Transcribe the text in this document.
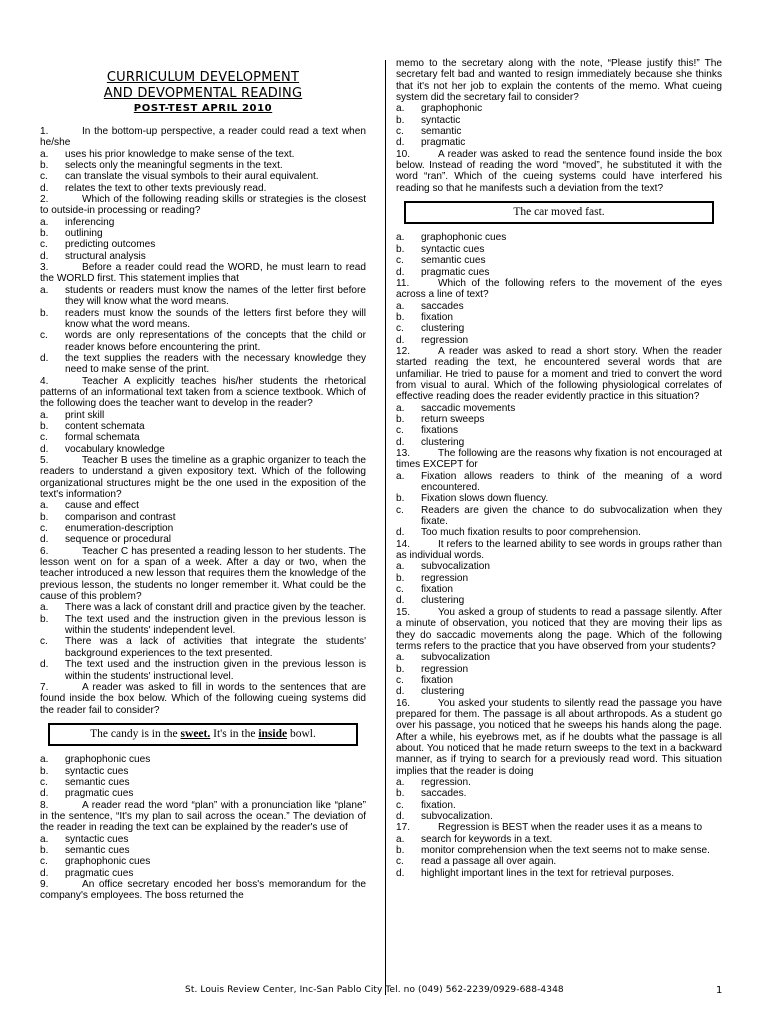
CURRICULUM DEVELOPMENT
AND DEVOPMENTAL READING
POST-TEST APRIL 2010
1.	In the bottom-up perspective, a reader could read a text when he/she
a.	uses his prior knowledge to make sense of the text.
b.	selects only the meaningful segments in the text.
c.	can translate the visual symbols to their aural equivalent.
d.	relates the text to other texts previously read.
2.	Which of the following reading skills or strategies is the closest to outside-in processing or reading?
a.	inferencing
b.	outlining
c.	predicting outcomes
d.	structural analysis
3.	Before a reader could read the WORD, he must learn to read the WORLD first. This statement implies that
a.	students or readers must know the names of the letter first before they will know what the word means.
b.	readers must know the sounds of the letters first before they will know what the word means.
c.	words are only representations of the concepts that the child or reader knows before encountering the print.
d.	the text supplies the readers with the necessary knowledge they need to make sense of the print.
4.	Teacher A explicitly teaches his/her students the rhetorical patterns of an informational text taken from a science textbook. Which of the following does the teacher want to develop in the reader?
a.	print skill
b.	content schemata
c.	formal schemata
d.	vocabulary knowledge
5.	Teacher B uses the timeline as a graphic organizer to teach the readers to understand a given expository text. Which of the following organizational structures might be the one used in the exposition of the text's information?
a.	cause and effect
b.	comparison and contrast
c.	enumeration-description
d.	sequence or procedural
6.	Teacher C has presented a reading lesson to her students. The lesson went on for a span of a week. After a day or two, when the teacher introduced a new lesson that requires them the knowledge of the previous lesson, the students no longer remember it. What could be the cause of this problem?
a.	There was a lack of constant drill and practice given by the teacher.
b.	The text used and the instruction given in the previous lesson is within the students' independent level.
c.	There was a lack of activities that integrate the students' background experiences to the text presented.
d.	The text used and the instruction given in the previous lesson is within the students' instructional level.
7.	A reader was asked to fill in words to the sentences that are found inside the box below. Which of the following cueing systems did the reader fail to consider?
The candy is in the sweet. It's in the inside bowl.
a.	graphophonic cues
b.	syntactic cues
c.	semantic cues
d.	pragmatic cues
8.	A reader read the word “plan” with a pronunciation like “plane” in the sentence, “It's my plan to sail across the ocean.” The deviation of the reader in reading the text can be explained by the reader's use of
a.	syntactic cues
b.	semantic cues
c.	graphophonic cues
d.	pragmatic cues
9.	An office secretary encoded her boss's memorandum for the company's employees. The boss returned the
memo to the secretary along with the note, “Please justify this!” The secretary felt bad and wanted to resign immediately because she thinks that it's not her job to explain the contents of the memo. What cueing system did the secretary fail to consider?
a.	graphophonic
b.	syntactic
c.	semantic
d.	pragmatic
10.	A reader was asked to read the sentence found inside the box below. Instead of reading the word “moved”, he substituted it with the word “ran”. Which of the cueing systems could have interfered his reading so that he manifests such a deviation from the text?
The car moved fast.
a.	graphophonic cues
b.	syntactic cues
c.	semantic cues
d.	pragmatic cues
11.	Which of the following refers to the movement of the eyes across a line of text?
a.	saccades
b.	fixation
c.	clustering
d.	regression
12.	A reader was asked to read a short story. When the reader started reading the text, he encountered several words that are unfamiliar. He tried to pause for a moment and tried to convert the word from visual to aural. Which of the following physiological correlates of effective reading does the reader evidently practice in this situation?
a.	saccadic movements
b.	return sweeps
c.	fixations
d.	clustering
13.	The following are the reasons why fixation is not encouraged at times EXCEPT for
a.	Fixation allows readers to think of the meaning of a word encountered.
b.	Fixation slows down fluency.
c.	Readers are given the chance to do subvocalization when they fixate.
d.	Too much fixation results to poor comprehension.
14.	It refers to the learned ability to see words in groups rather than as individual words.
a.	subvocalization
b.	regression
c.	fixation
d.	clustering
15.	You asked a group of students to read a passage silently. After a minute of observation, you noticed that they are moving their lips as they do saccadic movements along the page. Which of the following terms refers to the practice that you have observed from your students?
a.	subvocalization
b.	regression
c.	fixation
d.	clustering
16.	You asked your students to silently read the passage you have prepared for them. The passage is all about arthropods. As a student go over his passage, you noticed that he sweeps his hands along the page. After a while, his eyebrows met, as if he doubts what the passage is all about. You noticed that he made return sweeps to the text in a backward manner, as if trying to search for a previously read word. This situation implies that the reader is doing
a.	regression.
b.	saccades.
c.	fixation.
d.	subvocalization.
17.	Regression is BEST when the reader uses it as a means to
a.	search for keywords in a text.
b.	monitor comprehension when the text seems not to make sense.
c.	read a passage all over again.
d.	highlight important lines in the text for retrieval purposes.
St. Louis Review Center, Inc-San Pablo City Tel. no (049) 562-2239/0929-688-4348	1
